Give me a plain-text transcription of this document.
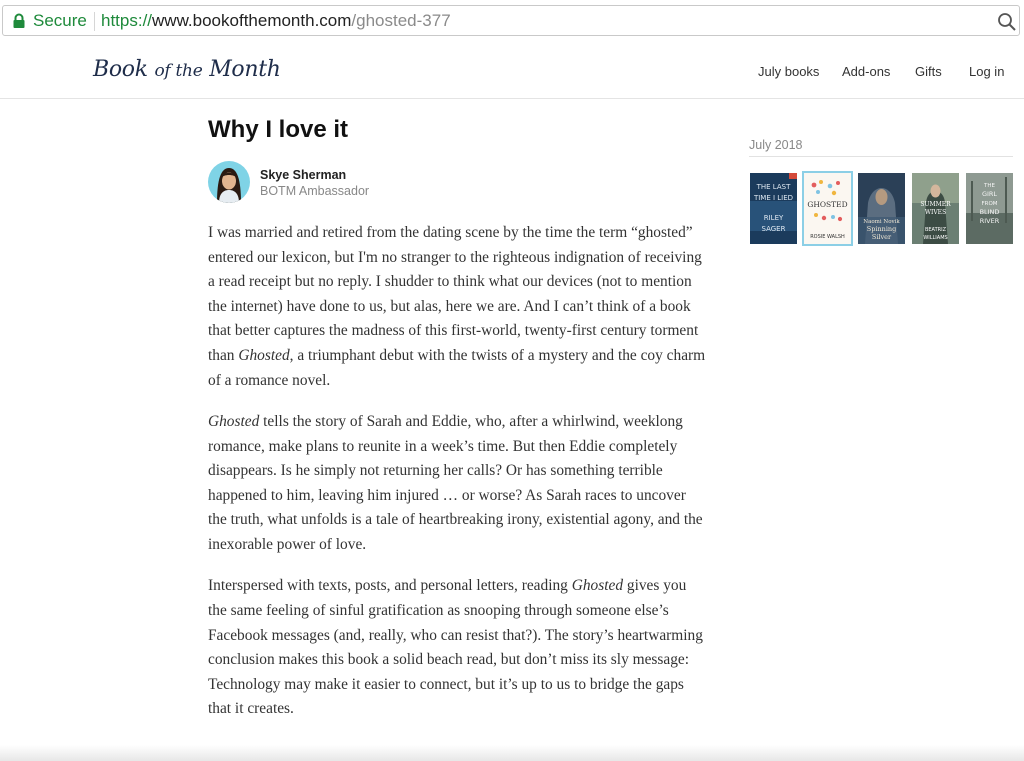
Secure https://www.bookofthemonth.com/ghosted-377
Book of the Month	July books Add-ons Gifts Log in
Why I love it
Skye Sherman
BOTM Ambassador

I was married and retired from the dating scene by the time the term “ghosted” entered our lexicon, but I'm no stranger to the righteous indignation of receiving a read receipt but no reply. I shudder to think what our devices (not to mention the internet) have done to us, but alas, here we are. And I can’t think of a book that better captures the madness of this first-world, twenty-first century torment than Ghosted, a triumphant debut with the twists of a mystery and the coy charm of a romance novel.

Ghosted tells the story of Sarah and Eddie, who, after a whirlwind, weeklong romance, make plans to reunite in a week’s time. But then Eddie completely disappears. Is he simply not returning her calls? Or has something terrible happened to him, leaving him injured … or worse? As Sarah races to uncover the truth, what unfolds is a tale of heartbreaking irony, existential agony, and the inexorable power of love.

Interspersed with texts, posts, and personal letters, reading Ghosted gives you the same feeling of sinful gratification as snooping through someone else’s Facebook messages (and, really, who can resist that?). The story’s heartwarming conclusion makes this book a solid beach read, but don’t miss its sly message: Technology may make it easier to connect, but it’s up to us to bridge the gaps that it creates.

July 2018
THE LAST
TIME I LIED
RILEY
SAGER
GHOSTED
ROSIE WALSH
Naomi Novik
Spinning
Silver
SUMMER
WIVES
BEATRIZ
WILLIAMS
THE
GIRL
FROM
BLIND
RIVER
